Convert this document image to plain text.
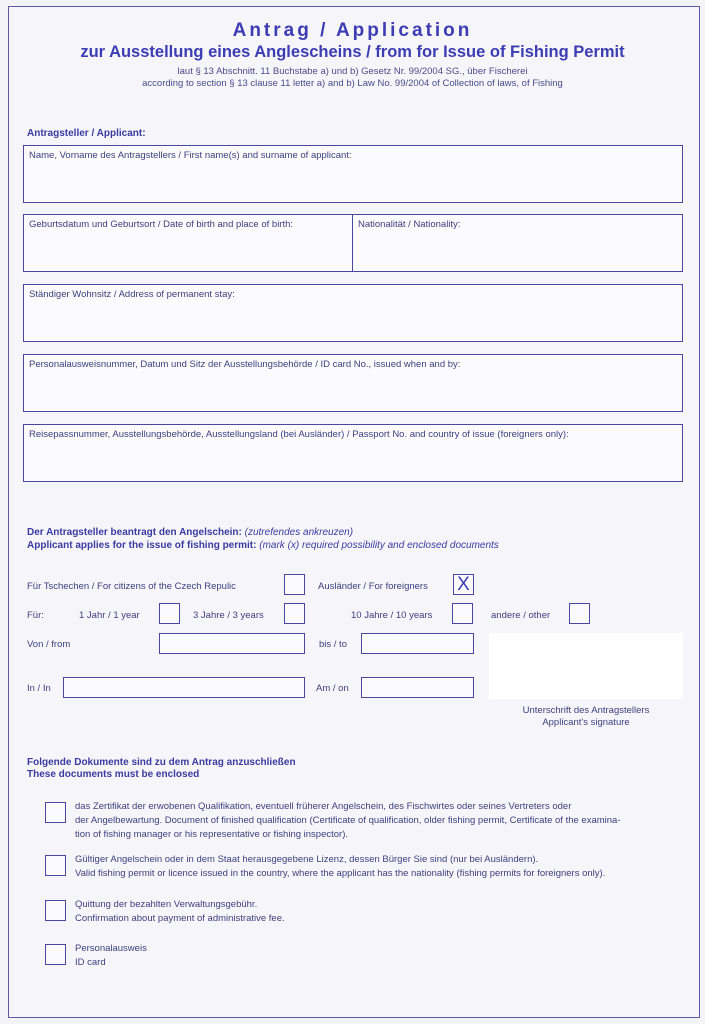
Antrag / Application
zur Ausstellung eines Anglescheins / from for Issue of Fishing Permit
laut § 13 Abschnitt. 11 Buchstabe a) und b) Gesetz Nr. 99/2004 SG., über Fischerei
according to section § 13 clause 11 letter a) and b) Law No. 99/2004 of Collection of laws, of Fishing
Antragsteller / Applicant:
Name, Vorname des Antragstellers / First name(s) and surname of applicant:
Geburtsdatum und Geburtsort / Date of birth and place of birth:	Nationalität / Nationality:
Ständiger Wohnsitz / Address of permanent stay:
Personalausweisnummer, Datum und Sitz der Ausstellungsbehörde / ID card No., issued when and by:
Reisepassnummer, Ausstellungsbehörde, Ausstellungsland (bei Ausländer) / Passport No. and country of issue (foreigners only):
Der Antragsteller beantragt den Angelschein: (zutrefendes ankreuzen)
Applicant applies for the issue of fishing permit: (mark (x) required possibility and enclosed documents
Für Tschechen / For citizens of the Czech Repulic	Ausländer / For foreigners X
Für:	1 Jahr / 1 year	3 Jahre / 3 years	10 Jahre / 10 years	andere / other
Von / from	bis / to
In / In	Am / on
Unterschrift des Antragstellers
Applicant's signature
Folgende Dokumente sind zu dem Antrag anzuschließen
These documents must be enclosed
das Zertifikat der erwobenen Qualifikation, eventuell früherer Angelschein, des Fischwirtes oder seines Vertreters oder
der Angelbewartung. Document of finished qualification (Certificate of qualification, older fishing permit, Certificate of the examina-
tion of fishing manager or his representative or fishing inspector).
Gültiger Angelschein oder in dem Staat herausgegebene Lizenz, dessen Bürger Sie sind (nur bei Ausländern).
Valid fishing permit or licence issued in the country, where the applicant has the nationality (fishing permits for foreigners only).
Quittung der bezahlten Verwaltungsgebühr.
Confirmation about payment of administrative fee.
Personalausweis
ID card
